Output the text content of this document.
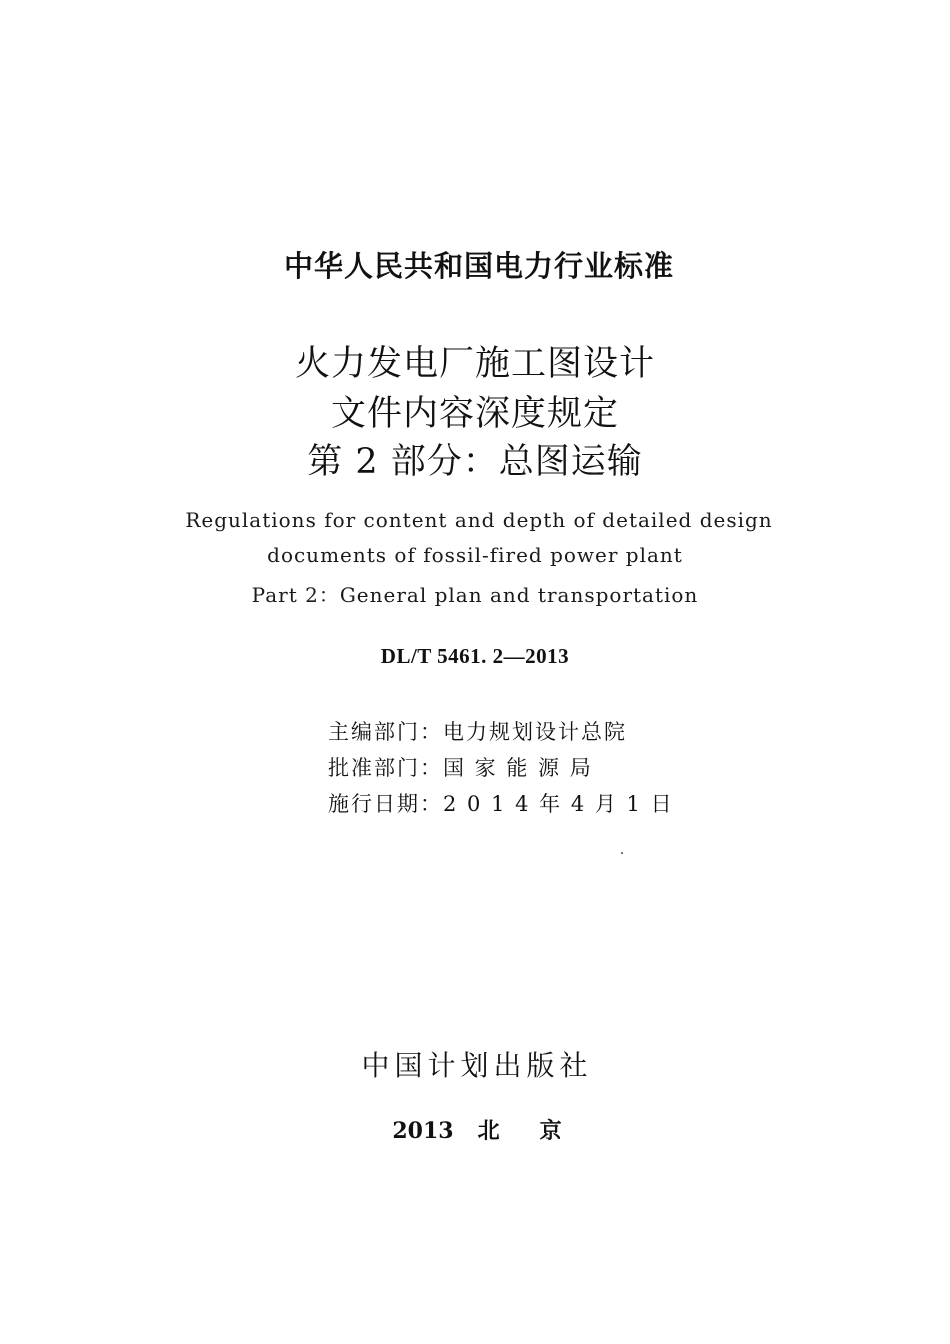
中华人民共和国电力行业标准
火力发电厂施工图设计
文件内容深度规定
第 2 部分：总图运输
Regulations for content and depth of detailed design
documents of fossil-fired power plant
Part 2：General plan and transportation
DL/T 5461. 2—2013
主编部门：电力规划设计总院
批准部门：国 家 能 源 局
施行日期：2 0 1 4 年 4 月 1 日
中国计划出版社
2013 北 京
